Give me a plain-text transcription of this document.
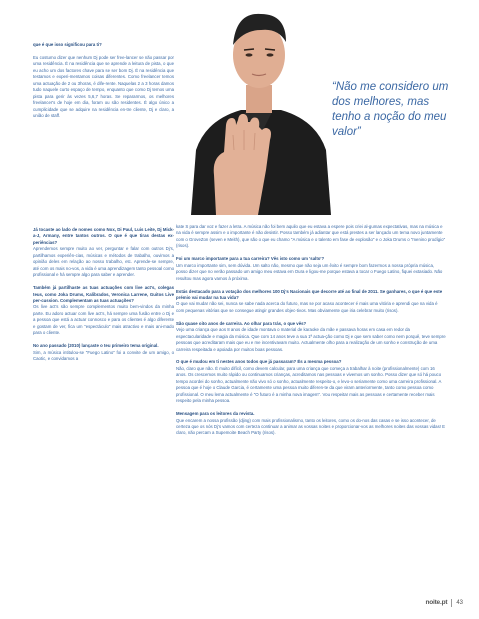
que é que isso significou para ti?

Eu costumo dizer que nenhum Dj pode ser free-lancer se não passar por uma residência. É na residência que se aprende a leitura de pista, o que eu acho um dos factores chave para se ser bom Dj. É na residência que testamos e experi-mentamos coisas diferentes. Como freelancer temos uma actuação de 2 ou 3horas, é dife-rente. Naquelas 2 a 3 horas damos tudo naquele curto espaço de tempo, enquanto que como Dj temos uma pista para gerir às vezes 5,6,7 horas. Se repararmos, os melhores freelancer's de hoje em dia, foram ou são residentes. É algo único a cumplicidade que se adquire na residência en-tre cliente, Dj e claro, a união de staff.

“Não me considero um dos melhores, mas tenho a noção do meu valor”

Já tocaste ao lado de nomes como Nox, Di Paul, Luis Leite, Dj Mick-a-J, Armany, entre tantos outros. O que é que tiras destas ex-periências?
Aprendemos sempre muito ao ver, perguntar e falar com outros Dj's, partilhamos experiên-cias, músicas e métodos de trabalho, ouvimos a opinião deles em relação ao nosso trabalho, etc. Aprende-se sempre, até com os mais no-vos, a vida é uma aprendizagem tanto pessoal como profissional e há sempre algo para saber e aprender.

Também já partilhaste as tuas actuações com live act's, colegas teus, como Joka Drums, Kalibrados, Veronica Larrene, Guitos Live per-cussion. Complementam as tuas actuações?
Os live act's são sempre complementos muito bem-vindos da minha parte. Eu adoro actuar com live act's, há sempre uma fusão entre o Dj e a pessoa que está a actuar connosco e para os clientes é algo diferente e gostam de ver, fica um "espectáculo" mais atractivo e mais ani-mado para o cliente.

No ano passado (2010) lançaste o teu primeiro tema original.
Sim, a música intitulou-se "Fuego Latino" foi a convite de um amigo, o Caotic, e convidamos a

kate S para dar voz e fazer a letra. A música não foi bem aquilo que eu estava a espere pois criei al-gumas expectativas, mas na música e na vida é sempre assim e o importante é não desistir. Posso também já adiantar que está prestes a ser lançado um tema novo juntamente com o GroveZon (seven e Meith), que são o que eu chamo "A música e o talento em fase de explosão" e o Joka Drums o "menino prodígio" (risos).

Foi um marco importante para a tua carreira? Vês isto como um 'salto'?
Um marco importante sim, sem dúvida. Um salto não, mesmo que não seja um êxito é sempre bom fazermos a nossa própria música, posso dizer que no verão passado um amigo meu estava em Oura e ligou-me porque estava a tocar o Fuego Latino, fiquei extasiado. Não resultou mas agora vamos à próxima.

Estás destacado para a votação dos melhores 100 Dj's Nacionais que decorre até ao final de 2011. Se ganhares, o que é que este prémio vai mudar na tua vida?
O que vai mudar não sei, nunca se sabe nada acerca do futuro, mas se por acaso acontecer é mais uma vitória e aprendi que na vida é com pequenas vitórias que se consegue atingir grandes objec-tivos. Mas obviamente que iria celebrar muito (risos).

São quase oito anos de carreira. Ao olhar para trás, o que vês?
Vejo uma criança que aos 8 anos de idade montava o material de karaoke da mãe e passava horas em casa em redor da espectacularidade e magia da música. Que com 14 anos teve a sua 1ª actua-ção como Dj e que sem saber como nem porquê, teve sempre pessoas que acreditaram mais que eu e me incentivavam muito. Actualmente olho para a realização de um sonho e construção de uma carreira respeitada e apoiada por muitos boas pessoas.

O que é mudou em ti nestes anos todos que já passaram? És a mesma pessoa?
Não, claro que não. É muito difícil, como devem calcular, para uma criança que começa a trabalhar à noite (profissionalmente) com 16 anos. Os crescemos muito rápido ou continuamos crianças, acreditamos nas pessoas e vivemos um sonho. Posso dizer que só há pouco tempo acordei do sonho, actualmente não vivo só o sonho, actualmente respeito-o, e levo-o seriamente como uma carreira profissional. A pessoa que é hoje o Claude Garcia, é certamente uma pessoa muito diferen-te da que viram anteriormente, tanto como pessoa como profissional. O meu lema actualmente é "O futuro é a minha nova imagem". Vou respeitar mais as pessoas e certamente receber mais respeito pela minha pessoa.

Mensagem para os leitores da revista.
Que encarem a nossa profissão (djing) com mais profissionalismo, tanto os leitores, como os do-nos das casas e se isso acontecer, de certeza que os nós Dj's vamos com certeza continuar a animar as vossas noites e proporcionar-vos as melhores noites das vossas vidas! E claro, não percam a Supemoite Beach Party (risos).

noite.pt 43
